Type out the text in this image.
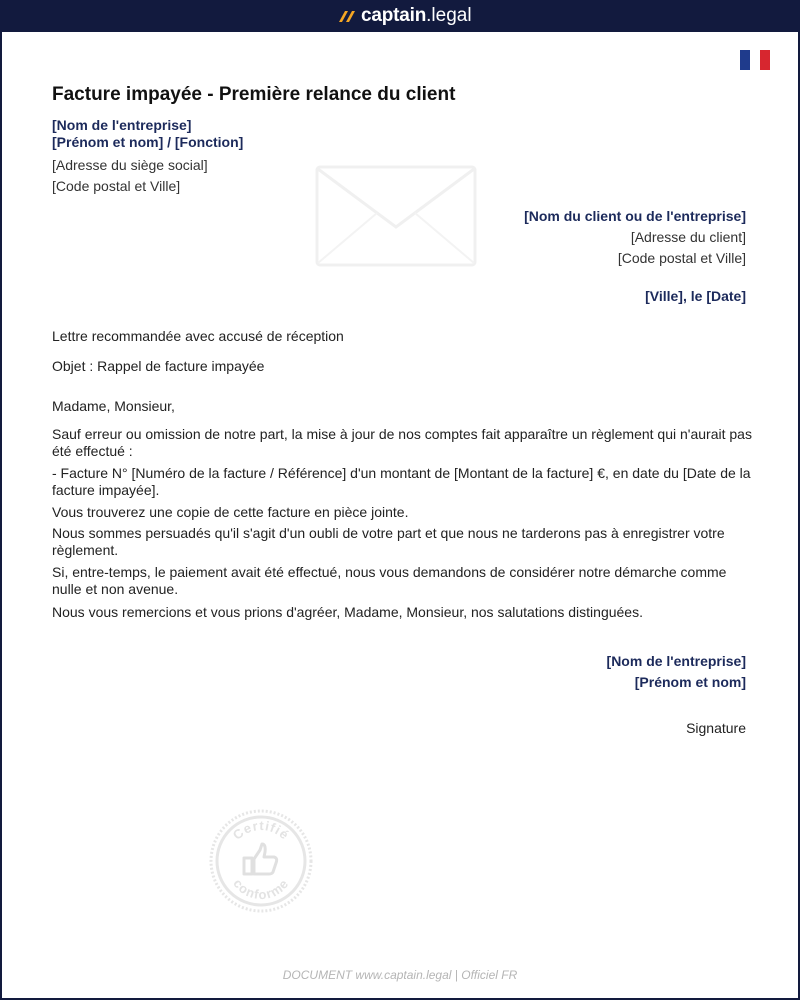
captain .legal
Facture impayée - Première relance du client
[Nom de l'entreprise]
[Prénom et nom] / [Fonction]
[Adresse du siège social]
[Code postal et Ville]
[Nom du client ou de l'entreprise]
[Adresse du client]
[Code postal et Ville]
[Ville], le [Date]
Lettre recommandée avec accusé de réception
Objet : Rappel de facture impayée
Madame, Monsieur,
Sauf erreur ou omission de notre part, la mise à jour de nos comptes fait apparaître un règlement qui n'aurait pas été effectué :
- Facture N° [Numéro de la facture / Référence] d'un montant de [Montant de la facture] €, en date du [Date de la facture impayée].
Vous trouverez une copie de cette facture en pièce jointe.
Nous sommes persuadés qu'il s'agit d'un oubli de votre part et que nous ne tarderons pas à enregistrer votre règlement.
Si, entre-temps, le paiement avait été effectué, nous vous demandons de considérer notre démarche comme nulle et non avenue.
Nous vous remercions et vous prions d'agréer, Madame, Monsieur, nos salutations distinguées.
[Nom de l'entreprise]
[Prénom et nom]
Signature
Certifié
conforme
DOCUMENT www.captain.legal | Officiel FR
